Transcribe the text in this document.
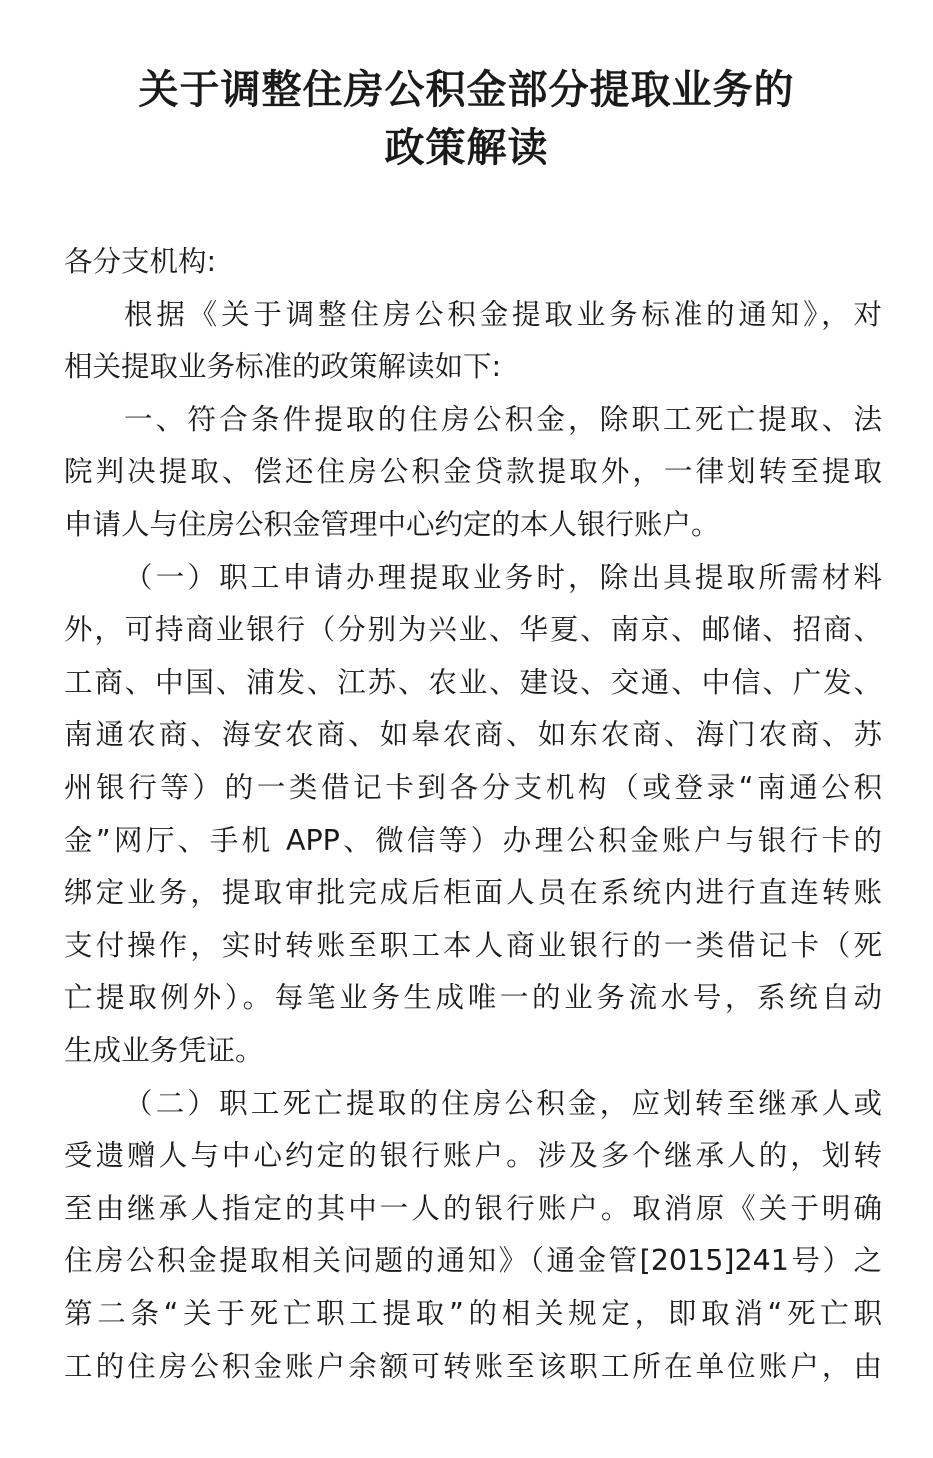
关于调整住房公积金部分提取业务的
政策解读
各分支机构:
根据《关于调整住房公积金提取业务标准的通知》，对
相关提取业务标准的政策解读如下:
一、符合条件提取的住房公积金，除职工死亡提取、法
院判决提取、偿还住房公积金贷款提取外，一律划转至提取
申请人与住房公积金管理中心约定的本人银行账户。
（一）职工申请办理提取业务时，除出具提取所需材料
外，可持商业银行（分别为兴业、华夏、南京、邮储、招商、
工商、中国、浦发、江苏、农业、建设、交通、中信、广发、
南通农商、海安农商、如皋农商、如东农商、海门农商、苏
州银行等）的一类借记卡到各分支机构（或登录“南通公积
金”网厅、手机 APP、微信等）办理公积金账户与银行卡的
绑定业务，提取审批完成后柜面人员在系统内进行直连转账
支付操作，实时转账至职工本人商业银行的一类借记卡（死
亡提取例外）。每笔业务生成唯一的业务流水号，系统自动
生成业务凭证。
（二）职工死亡提取的住房公积金，应划转至继承人或
受遗赠人与中心约定的银行账户。涉及多个继承人的，划转
至由继承人指定的其中一人的银行账户。取消原《关于明确
住房公积金提取相关问题的通知》（通金管[2015]241号）之
第二条“关于死亡职工提取”的相关规定，即取消“死亡职
工的住房公积金账户余额可转账至该职工所在单位账户，由
